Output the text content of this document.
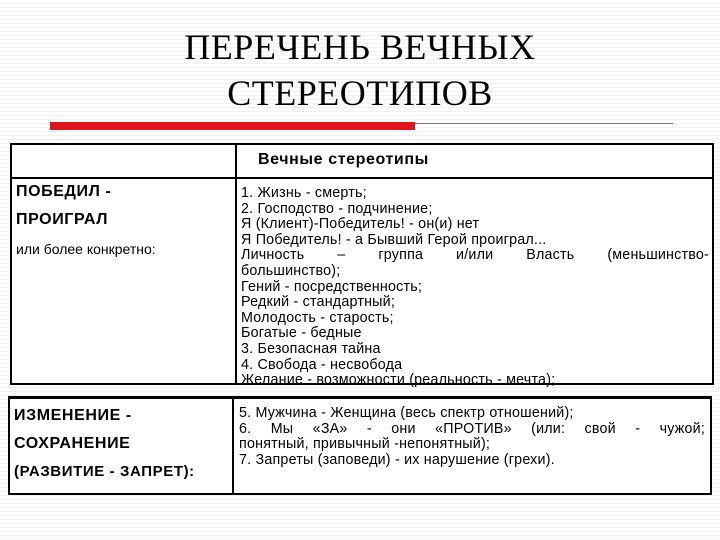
ПЕРЕЧЕНЬ ВЕЧНЫХ
СТЕРЕОТИПОВ
Вечные стереотипы
ПОБЕДИЛ -
ПРОИГРАЛ
или более конкретно:
1. Жизнь - смерть;
2. Господство - подчинение;
Я (Клиент)-Победитель! - он(и) нет
Я Победитель! - а Бывший Герой проиграл...
Личность – группа и/или Власть (меньшинство-
большинство);
Гений - посредственность;
Редкий - стандартный;
Молодость - старость;
Богатые - бедные
3. Безопасная тайна
4. Свобода - несвобода
Желание - возможности (реальность - мечта);
ИЗМЕНЕНИЕ -
СОХРАНЕНИЕ
(РАЗВИТИЕ - ЗАПРЕТ):
5. Мужчина - Женщина (весь спектр отношений);
6. Мы «ЗА» - они «ПРОТИВ» (или: свой - чужой;
понятный, привычный -непонятный);
7. Запреты (заповеди) - их нарушение (грехи).
